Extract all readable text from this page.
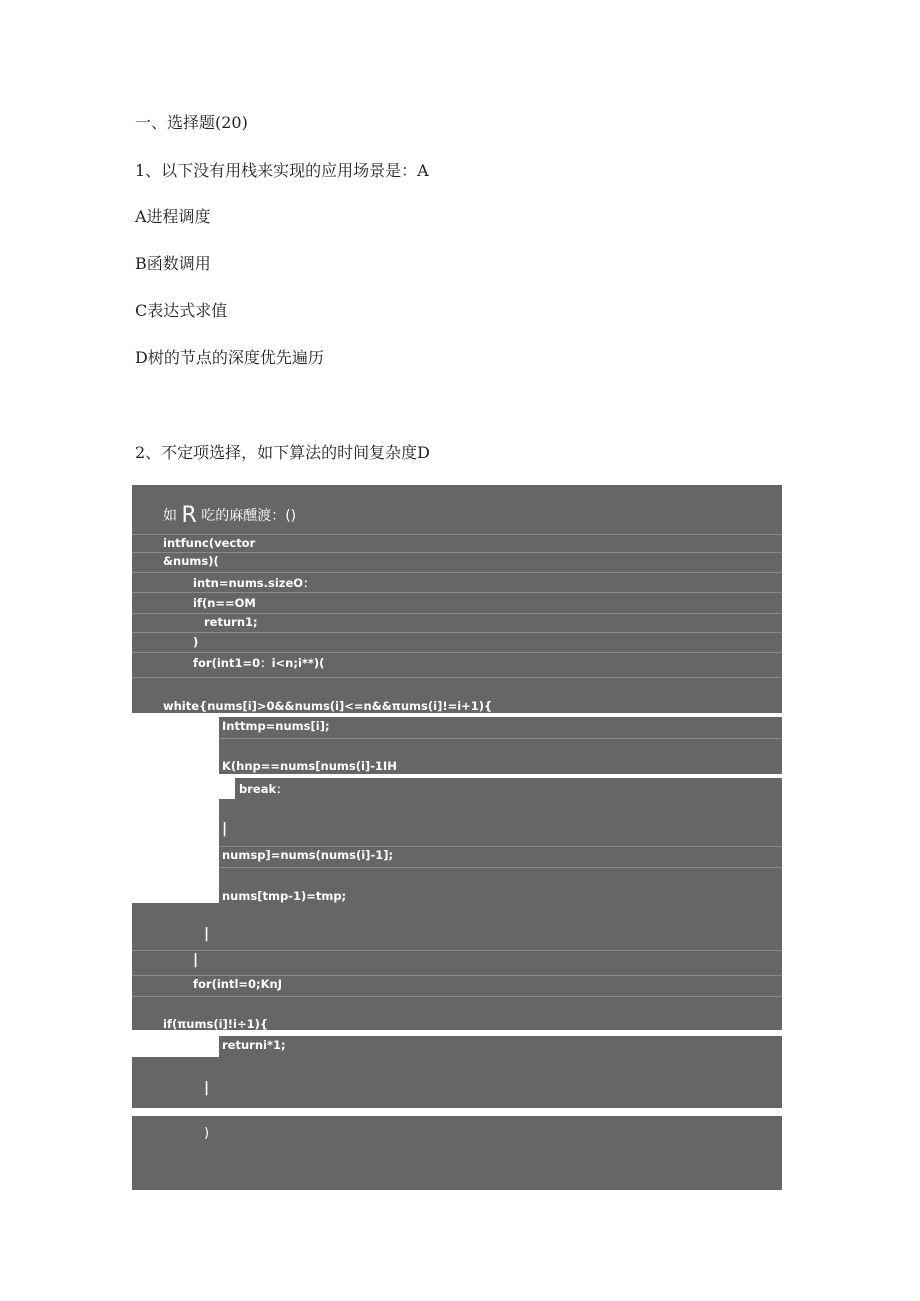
一、选择题(20)
1、以下没有用栈来实现的应用场景是：A
A进程调度
B函数调用
C表达式求值
D树的节点的深度优先遍历
2、不定项选择，如下算法的时间复杂度D
如 R 吃的麻醺渡：()
intfunc(vector
&nums)(
intn=nums.sizeO：
if(n==OM
return1;
)
for(int1=0：i<n;i**)(
white{nums[i]>0&&nums(i]<=n&&πums(i]!=i+1){
Inttmp=nums[i];
K(hnp==nums[nums(i]-1IH
break：
|
numsp]=nums(nums(i]-1];
nums[tmp-1)=tmp;
|
|
for(intl=0;KnJ
if(πums(i]!i÷1){
returni*1;
|
)
